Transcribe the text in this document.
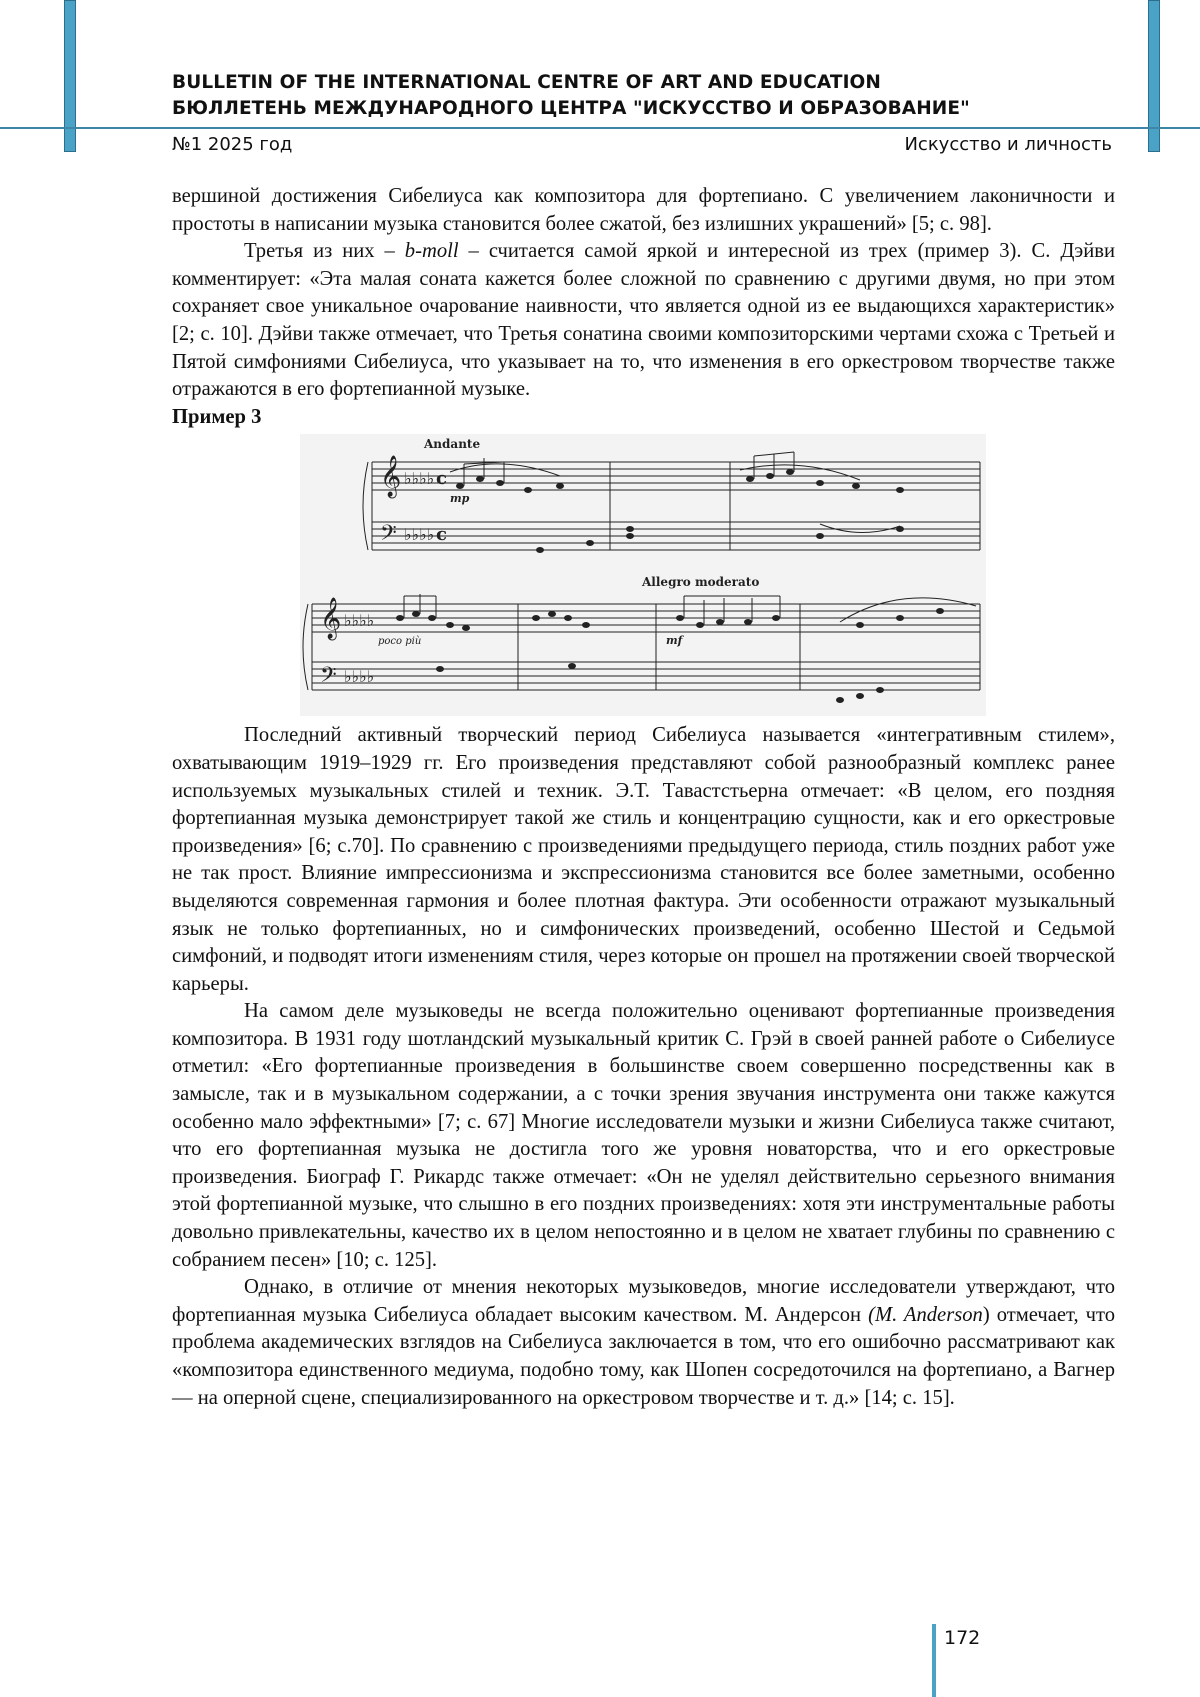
BULLETIN OF THE INTERNATIONAL CENTRE OF ART AND EDUCATION
БЮЛЛЕТЕНЬ МЕЖДУНАРОДНОГО ЦЕНТРА "ИСКУССТВО И ОБРАЗОВАНИЕ"
№1 2025 год	Искусство и личность

вершиной достижения Сибелиуса как композитора для фортепиано. С увеличением лаконичности и простоты в написании музыка становится более сжатой, без излишних украшений» [5; с. 98].

Третья из них – b-moll – считается самой яркой и интересной из трех (пример 3). С. Дэйви комментирует: «Эта малая соната кажется более сложной по сравнению с другими двумя, но при этом сохраняет свое уникальное очарование наивности, что является одной из ее выдающихся характеристик» [2; с. 10]. Дэйви также отмечает, что Третья сонатина своими композиторскими чертами схожа с Третьей и Пятой симфониями Сибелиуса, что указывает на то, что изменения в его оркестровом творчестве также отражаются в его фортепианной музыке.

Пример 3

𝄞
𝄢
𝄞
𝄢
♭♭♭♭
♭♭♭♭
♭♭♭♭
♭♭♭♭
c
c
Andante
mp
Allegro moderato
poco più	mf

Последний активный творческий период Сибелиуса называется «интегративным стилем», охватывающим 1919–1929 гг. Его произведения представляют собой разнообразный комплекс ранее используемых музыкальных стилей и техник. Э.Т. Тавастстьерна отмечает: «В целом, его поздняя фортепианная музыка демонстрирует такой же стиль и концентрацию сущности, как и его оркестровые произведения» [6; с.70]. По сравнению с произведениями предыдущего периода, стиль поздних работ уже не так прост. Влияние импрессионизма и экспрессионизма становится все более заметными, особенно выделяются современная гармония и более плотная фактура. Эти особенности отражают музыкальный язык не только фортепианных, но и симфонических произведений, особенно Шестой и Седьмой симфоний, и подводят итоги изменениям стиля, через которые он прошел на протяжении своей творческой карьеры.

На самом деле музыковеды не всегда положительно оценивают фортепианные произведения композитора. В 1931 году шотландский музыкальный критик С. Грэй в своей ранней работе о Сибелиусе отметил: «Его фортепианные произведения в большинстве своем совершенно посредственны как в замысле, так и в музыкальном содержании, а с точки зрения звучания инструмента они также кажутся особенно мало эффектными» [7; с. 67] Многие исследователи музыки и жизни Сибелиуса также считают, что его фортепианная музыка не достигла того же уровня новаторства, что и его оркестровые произведения. Биограф Г. Рикардс также отмечает: «Он не уделял действительно серьезного внимания этой фортепианной музыке, что слышно в его поздних произведениях: хотя эти инструментальные работы довольно привлекательны, качество их в целом непостоянно и в целом не хватает глубины по сравнению с собранием песен» [10; с. 125].

Однако, в отличие от мнения некоторых музыковедов, многие исследователи утверждают, что фортепианная музыка Сибелиуса обладает высоким качеством. М. Андерсон (M. Anderson) отмечает, что проблема академических взглядов на Сибелиуса заключается в том, что его ошибочно рассматривают как «композитора единственного медиума, подобно тому, как Шопен сосредоточился на фортепиано, а Вагнер — на оперной сцене, специализированного на оркестровом творчестве и т. д.» [14; с. 15].

172
